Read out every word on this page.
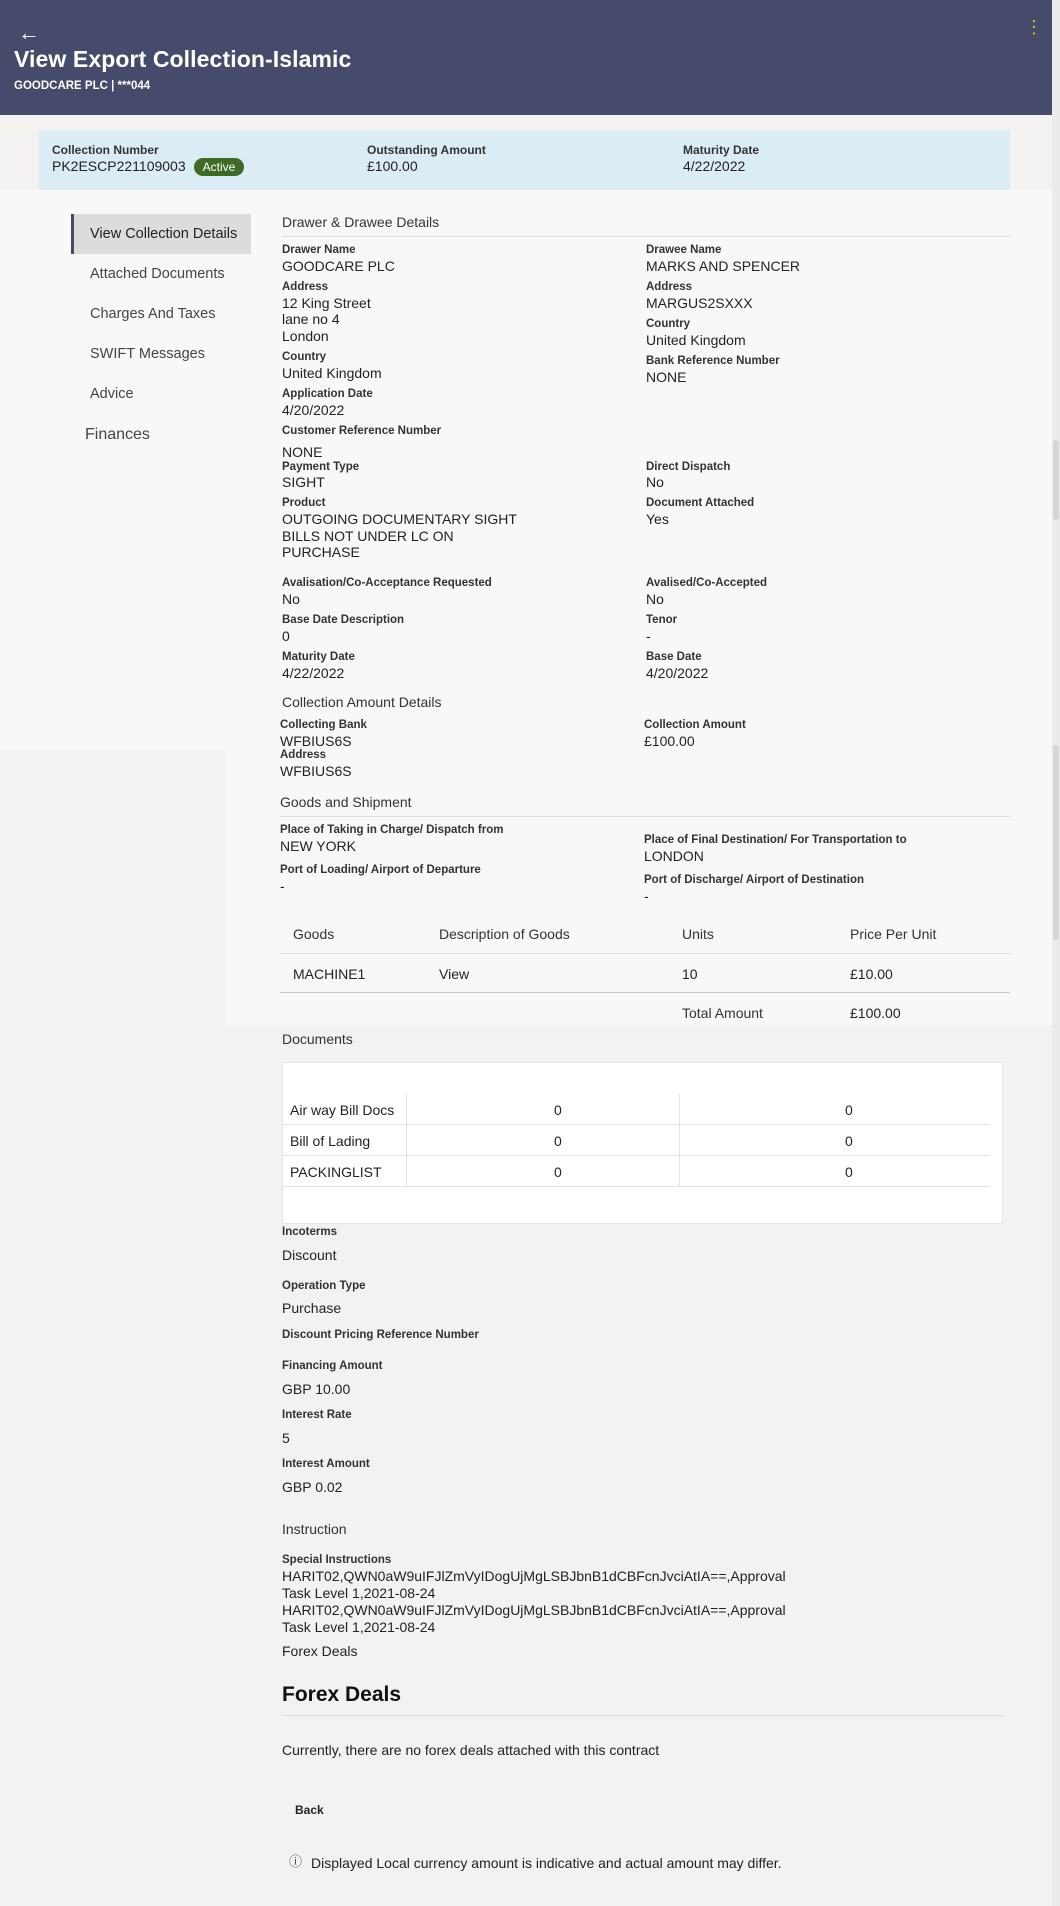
←	⋮
View Export Collection-Islamic
GOODCARE PLC | ***044
Collection Number
PK2ESCP221109003 Active
Outstanding Amount
£100.00
Maturity Date
4/22/2022
View Collection Details
Attached Documents
Charges And Taxes
SWIFT Messages
Advice
Finances
Drawer & Drawee Details
Drawer Name
GOODCARE PLC
Address
12 King Street
lane no 4
London
Country
United Kingdom
Application Date
4/20/2022
Customer Reference Number
NONE
Drawee Name
MARKS AND SPENCER
Address
MARGUS2SXXX
Country
United Kingdom
Bank Reference Number
NONE
Payment Type
SIGHT
Direct Dispatch
No
Product
OUTGOING DOCUMENTARY SIGHT
BILLS NOT UNDER LC ON
PURCHASE
Document Attached
Yes
Avalisation/Co-Acceptance Requested
No
Avalised/Co-Accepted
No
Base Date Description
0
Tenor
-
Maturity Date
4/22/2022
Base Date
4/20/2022
Collection Amount Details
Collecting Bank
WFBIUS6S
Address
WFBIUS6S
Collection Amount
£100.00
Goods and Shipment
Place of Taking in Charge/ Dispatch from
NEW YORK
Port of Loading/ Airport of Departure
-
Place of Final Destination/ For Transportation to
LONDON
Port of Discharge/ Airport of Destination
-
Goods	Description of Goods	Units	Price Per Unit
MACHINE1	View	10	£10.00
Total Amount	£100.00
Documents
Air way Bill Docs	0	0
Bill of Lading	0	0
PACKINGLIST	0	0
Incoterms
Discount
Operation Type
Purchase
Discount Pricing Reference Number
Financing Amount
GBP 10.00
Interest Rate
5
Interest Amount
GBP 0.02
Instruction
Special Instructions
HARIT02,QWN0aW9uIFJlZmVyIDogUjMgLSBJbnB1dCBFcnJvciAtIA==,Approval
Task Level 1,2021-08-24
HARIT02,QWN0aW9uIFJlZmVyIDogUjMgLSBJbnB1dCBFcnJvciAtIA==,Approval
Task Level 1,2021-08-24
Forex Deals
Forex Deals
Currently, there are no forex deals attached with this contract
Back
ⓘ Displayed Local currency amount is indicative and actual amount may differ.
